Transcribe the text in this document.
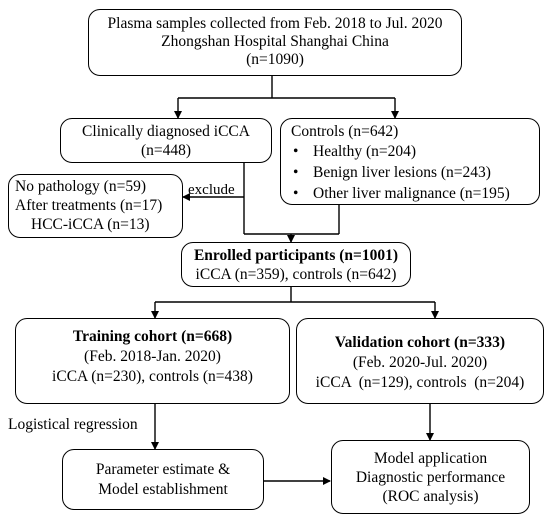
Plasma samples collected from Feb. 2018 to Jul. 2020
Zhongshan Hospital Shanghai China
(n=1090)
Clinically diagnosed iCCA
(n=448)
Controls (n=642)
• Healthy (n=204)
• Benign liver lesions (n=243)
• Other liver malignance (n=195)
No pathology (n=59)
After treatments (n=17)
HCC-iCCA (n=13)
exclude
Enrolled participants (n=1001)
iCCA (n=359), controls (n=642)
Training cohort (n=668)
(Feb. 2018-Jan. 2020)
iCCA (n=230), controls (n=438)
Validation cohort (n=333)
(Feb. 2020-Jul. 2020)
iCCA  (n=129), controls  (n=204)
Logistical regression
Parameter estimate &
Model establishment
Model application
Diagnostic performance
(ROC analysis)
